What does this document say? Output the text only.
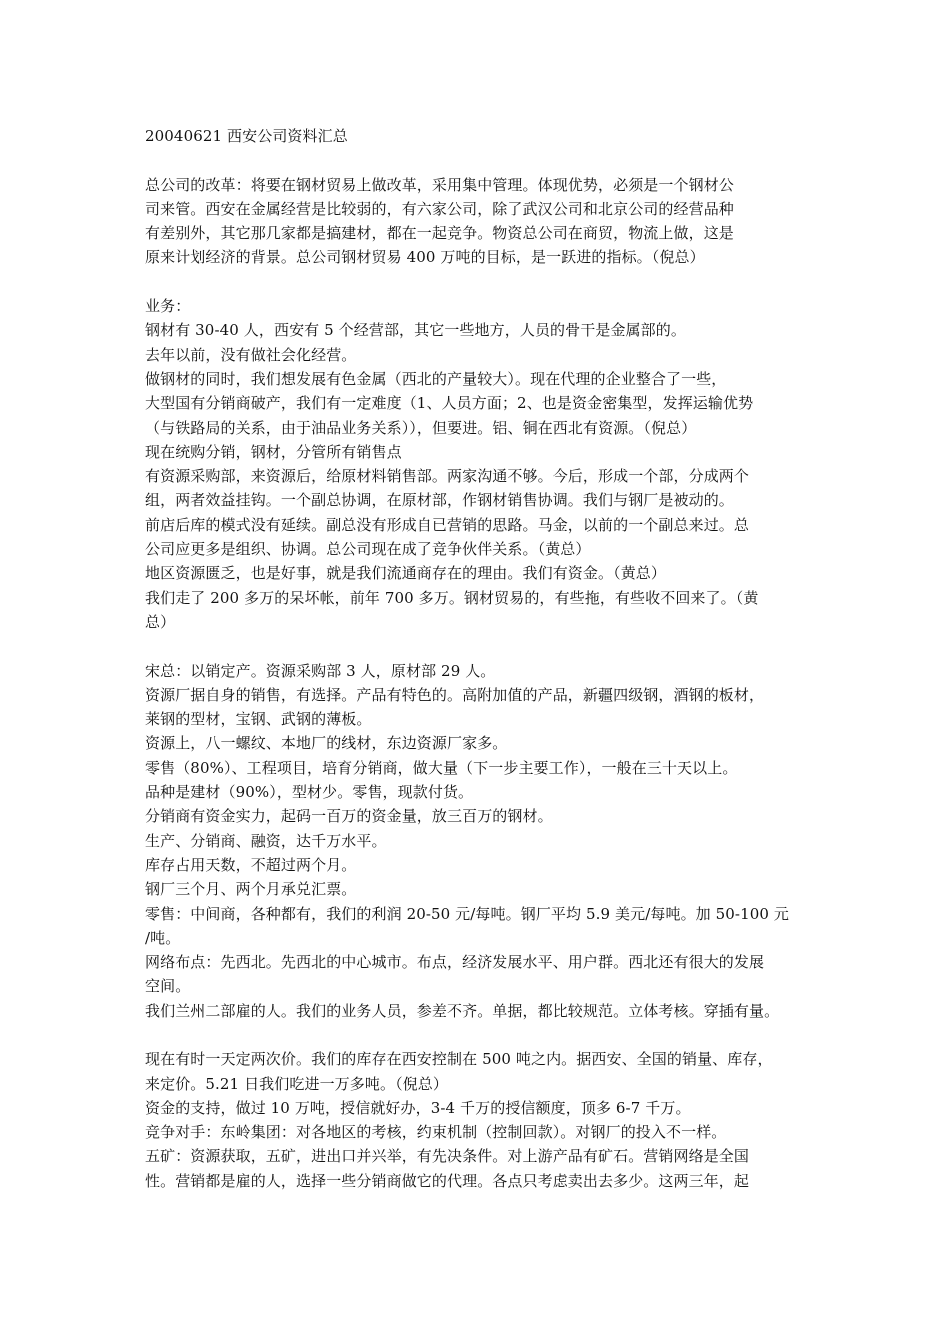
20040621 西安公司资料汇总
总公司的改革：将要在钢材贸易上做改革，采用集中管理。体现优势，必须是一个钢材公
司来管。西安在金属经营是比较弱的，有六家公司，除了武汉公司和北京公司的经营品种
有差别外，其它那几家都是搞建材，都在一起竞争。物资总公司在商贸，物流上做，这是
原来计划经济的背景。总公司钢材贸易 400 万吨的目标，是一跃进的指标。（倪总）
业务：
钢材有 30-40 人，西安有 5 个经营部，其它一些地方，人员的骨干是金属部的。
去年以前，没有做社会化经营。
做钢材的同时，我们想发展有色金属（西北的产量较大）。现在代理的企业整合了一些，
大型国有分销商破产，我们有一定难度（1、人员方面；2、也是资金密集型，发挥运输优势
（与铁路局的关系，由于油品业务关系）），但要进。铝、铜在西北有资源。（倪总）
现在统购分销，钢材，分管所有销售点
有资源采购部，来资源后，给原材料销售部。两家沟通不够。今后，形成一个部，分成两个
组，两者效益挂钩。一个副总协调，在原材部，作钢材销售协调。我们与钢厂是被动的。
前店后库的模式没有延续。副总没有形成自已营销的思路。马金，以前的一个副总来过。总
公司应更多是组织、协调。总公司现在成了竞争伙伴关系。（黄总）
地区资源匮乏，也是好事，就是我们流通商存在的理由。我们有资金。（黄总）
我们走了 200 多万的呆坏帐，前年 700 多万。钢材贸易的，有些拖，有些收不回来了。（黄
总）
宋总：以销定产。资源采购部 3 人，原材部 29 人。
资源厂据自身的销售，有选择。产品有特色的。高附加值的产品，新疆四级钢，酒钢的板材，
莱钢的型材，宝钢、武钢的薄板。
资源上，八一螺纹、本地厂的线材，东边资源厂家多。
零售（80%）、工程项目，培育分销商，做大量（下一步主要工作），一般在三十天以上。
品种是建材（90%），型材少。零售，现款付货。
分销商有资金实力，起码一百万的资金量，放三百万的钢材。
生产、分销商、融资，达千万水平。
库存占用天数，不超过两个月。
钢厂三个月、两个月承兑汇票。
零售：中间商，各种都有，我们的利润 20-50 元/每吨。钢厂平均 5.9 美元/每吨。加 50-100 元
/吨。
网络布点：先西北。先西北的中心城市。布点，经济发展水平、用户群。西北还有很大的发展
空间。
我们兰州二部雇的人。我们的业务人员，参差不齐。单据，都比较规范。立体考核。穿插有量。
现在有时一天定两次价。我们的库存在西安控制在 500 吨之内。据西安、全国的销量、库存，
来定价。5.21 日我们吃进一万多吨。（倪总）
资金的支持，做过 10 万吨，授信就好办，3-4 千万的授信额度，顶多 6-7 千万。
竞争对手：东岭集团：对各地区的考核，约束机制（控制回款）。对钢厂的投入不一样。
五矿：资源获取，五矿，进出口并兴举，有先决条件。对上游产品有矿石。营销网络是全国
性。营销都是雇的人，选择一些分销商做它的代理。各点只考虑卖出去多少。这两三年，起
